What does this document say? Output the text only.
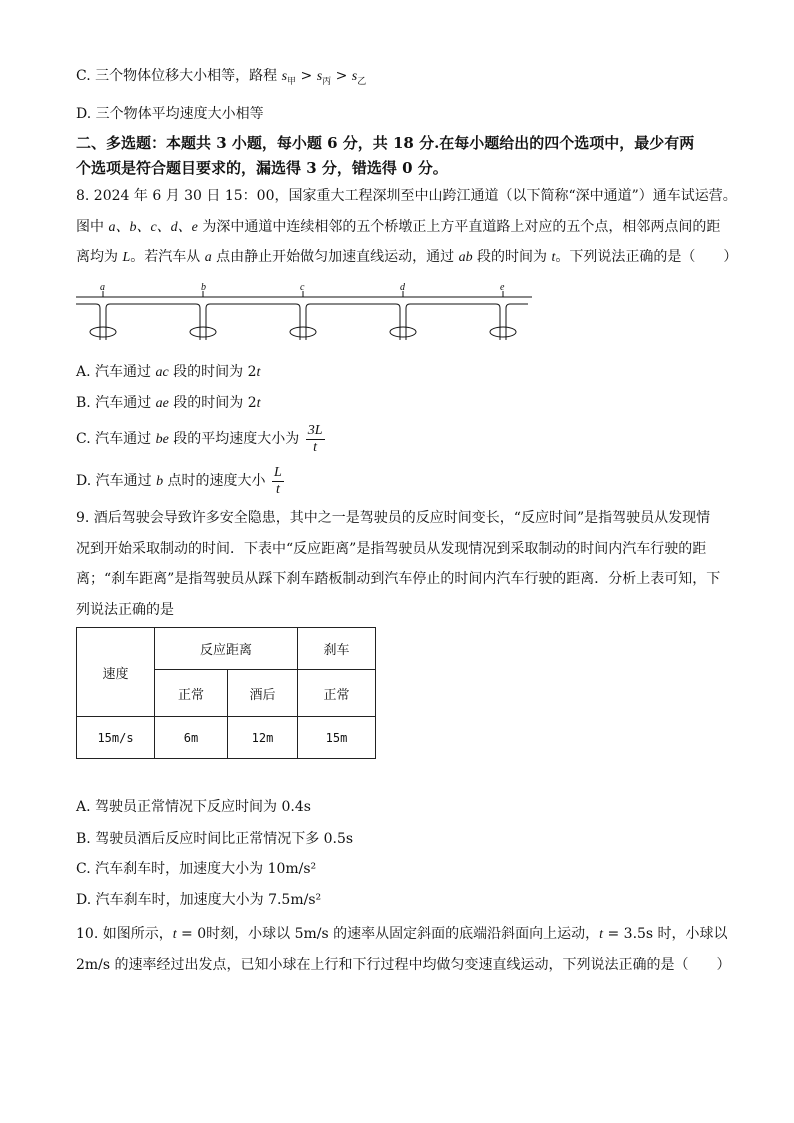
C. 三个物体位移大小相等，路程 $s_甲 > s_丙 > s_乙$
D. 三个物体平均速度大小相等
二、多选题：本题共 3 小题，每小题 6 分，共 18 分.在每小题给出的四个选项中，最少有两
个选项是符合题目要求的，漏选得 3 分，错选得 0 分。
8. 2024 年 6 月 30 日 15：00，国家重大工程深圳至中山跨江通道（以下简称“深中通道”）通车试运营。
图中 a、b、c、d、e 为深中通道中连续相邻的五个桥墩正上方平直道路上对应的五个点，相邻两点间的距
离均为 L。若汽车从 a 点由静止开始做匀加速直线运动，通过 ab 段的时间为 t。下列说法正确的是（　　）
a	b	c	d	e
A. 汽车通过 ac 段的时间为 2t
B. 汽车通过 ae 段的时间为 2t
C. 汽车通过 be 段的平均速度大小为 $\frac{3L}{t}$
D. 汽车通过 b 点时的速度大小 $\frac{L}{t}$
9. 酒后驾驶会导致许多安全隐患，其中之一是驾驶员的反应时间变长，“反应时间”是指驾驶员从发现情
况到开始采取制动的时间．下表中“反应距离”是指驾驶员从发现情况到采取制动的时间内汽车行驶的距
离；“刹车距离”是指驾驶员从踩下刹车踏板制动到汽车停止的时间内汽车行驶的距离．分析上表可知，下
列说法正确的是
速度	反应距离		刹车
	正常	酒后	正常
15m/s	6m	12m	15m
A. 驾驶员正常情况下反应时间为 0.4s
B. 驾驶员酒后反应时间比正常情况下多 0.5s
C. 汽车刹车时，加速度大小为 10m/s²
D. 汽车刹车时，加速度大小为 7.5m/s²
10. 如图所示，t = 0时刻，小球以 5m/s 的速率从固定斜面的底端沿斜面向上运动，t = 3.5s 时，小球以
2m/s 的速率经过出发点，已知小球在上行和下行过程中均做匀变速直线运动，下列说法正确的是（　　）
